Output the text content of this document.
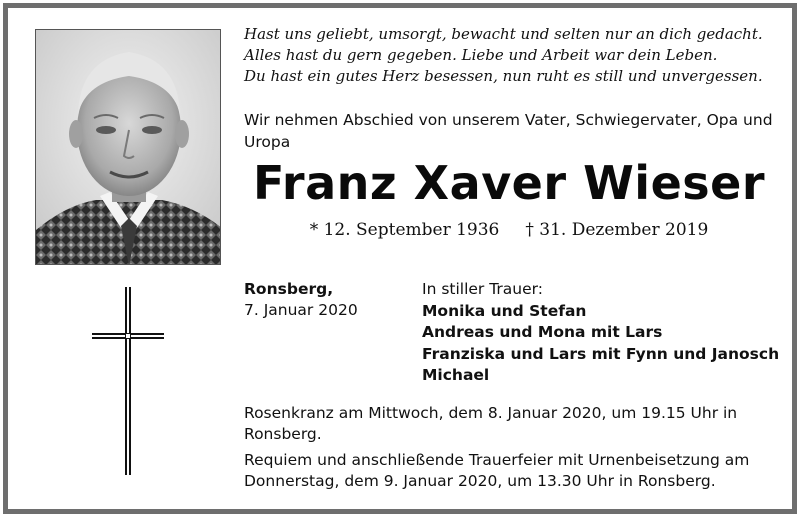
Hast uns geliebt, umsorgt, bewacht und selten nur an dich gedacht.
Alles hast du gern gegeben. Liebe und Arbeit war dein Leben.
Du hast ein gutes Herz besessen, nun ruht es still und unvergessen.
Wir nehmen Abschied von unserem Vater, Schwiegervater, Opa und Uropa
Franz Xaver Wieser
* 12. September 1936 † 31. Dezember 2019
Ronsberg,
7. Januar 2020
In stiller Trauer:
Monika und Stefan
Andreas und Mona mit Lars
Franziska und Lars mit Fynn und Janosch
Michael
Rosenkranz am Mittwoch, dem 8. Januar 2020, um 19.15 Uhr in Ronsberg.
Requiem und anschließende Trauerfeier mit Urnenbeisetzung am Donnerstag, dem 9. Januar 2020, um 13.30 Uhr in Ronsberg.
